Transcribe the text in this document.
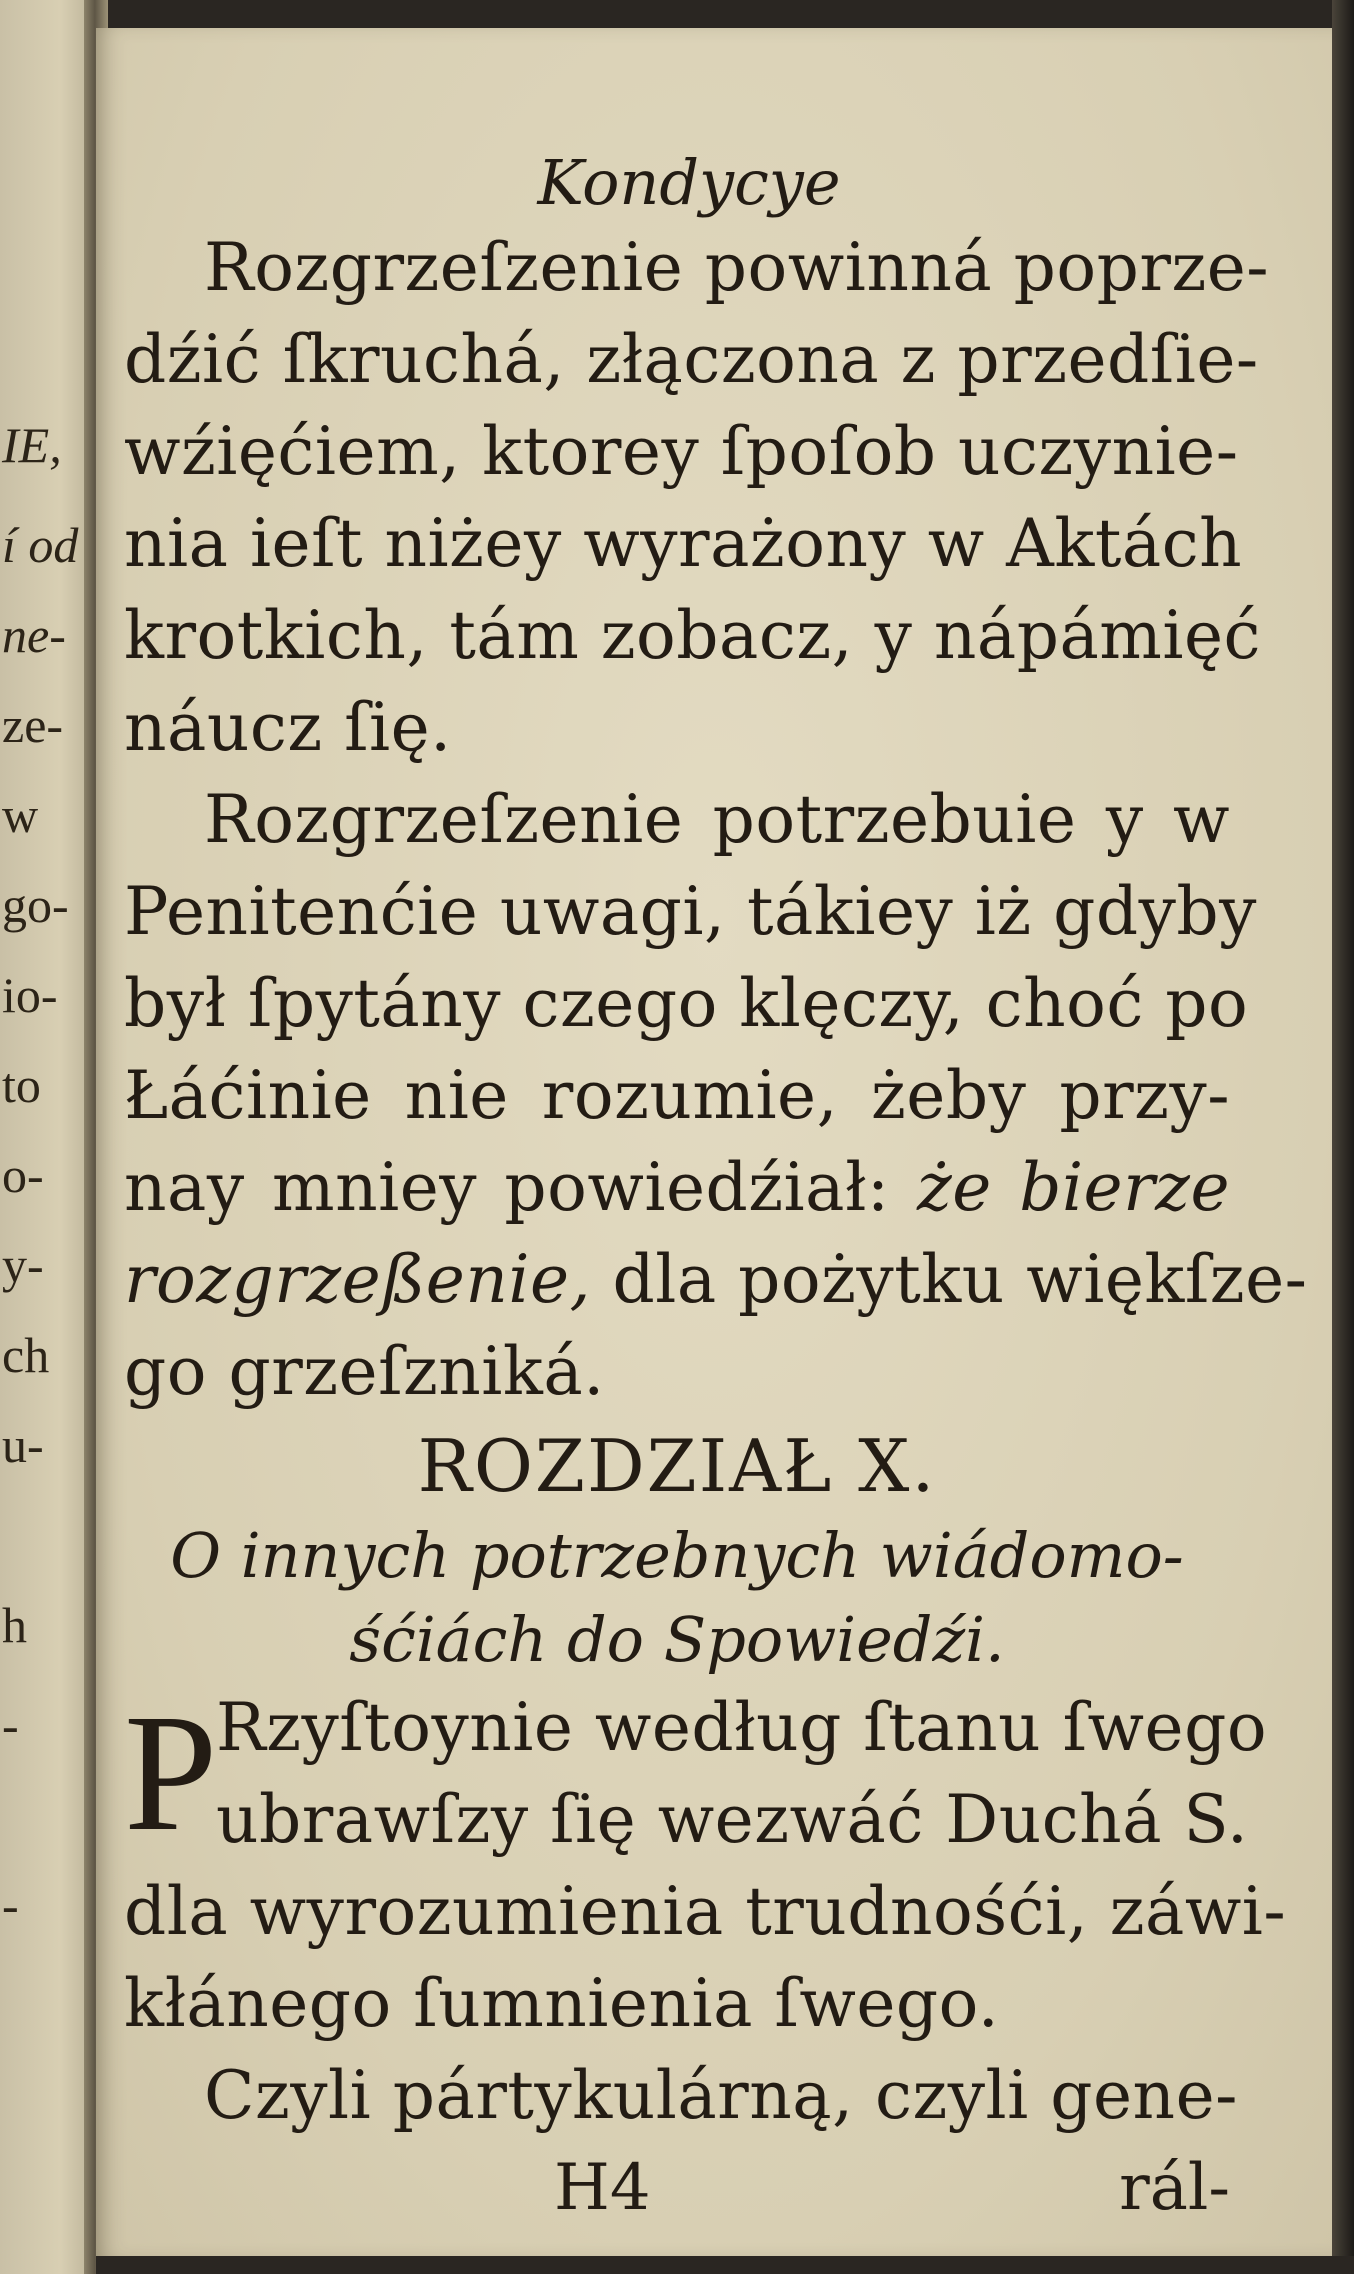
IE,
í od
ne-
ze-
w
go-
io-
to
o-
y-
ch
u-
h
-
-
Kondycye
Rozgrzeſzenie powinná poprze-
dźić ſkruchá, złączona z przedſie-
wźięćiem, ktorey ſpoſob uczynie-
nia ieſt niżey wyrażony w Aktách
krotkich, tám zobacz, y nápámięć
náucz ſię.
Rozgrzeſzenie potrzebuie y w
Penitenćie uwagi, tákiey iż gdyby
był ſpytány czego klęczy, choć po
Łáćinie nie rozumie, żeby przy-
nay mniey powiedźiał: że bierze
rozgrzeßenie, dla pożytku więkſze-
go grzeſzniká.
ROZDZIAŁ X.
O innych potrzebnych wiádomo-
śćiách do Spowiedźi.
P
Rzyſtoynie według ſtanu ſwego
ubrawſzy ſię wezwáć Duchá S.
dla wyrozumienia trudnośći, záwi-
kłánego ſumnienia ſwego.
Czyli pártykulárną, czyli gene-
H4	rál-
